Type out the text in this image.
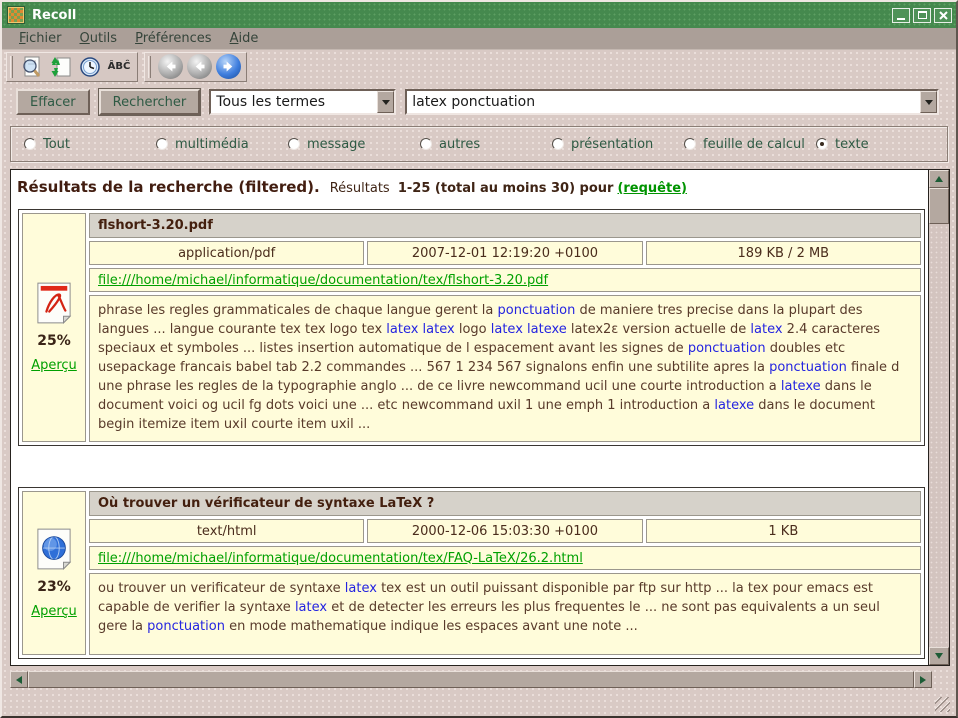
Recoll
Fichier	Outils	Préférences	Aide
ÂBĈ
Effacer	Rechercher	Tous les termes
latex ponctuation
Tout	multimédia	message	autres	présentation	feuille de calcul texte
Résultats de la recherche (filtered). Résultats 1-25 (total au moins 30) pour (requête)
25%
Aperçu
flshort-3.20.pdf
application/pdf	2007-12-01 12:19:20 +0100	189 KB / 2 MB
file:///home/michael/informatique/documentation/tex/flshort-3.20.pdf
phrase les regles grammaticales de chaque langue gerent la ponctuation de maniere tres precise dans la plupart des langues ... langue courante tex tex logo tex latex latex logo latex latexe latex2ε version actuelle de latex 2.4 caracteres speciaux et symboles ... listes insertion automatique de l espacement avant les signes de ponctuation doubles etc usepackage francais babel tab 2.2 commandes ... 567 1 234 567 signalons enfin une subtilite apres la ponctuation finale d une phrase les regles de la typographie anglo ... de ce livre newcommand ucil une courte introduction a latexe dans le document voici og ucil fg dots voici une ... etc newcommand uxil 1 une emph 1 introduction a latexe dans le document begin itemize item uxil courte item uxil ...
23%
Aperçu
Où trouver un vérificateur de syntaxe LaTeX ?
text/html	2000-12-06 15:03:30 +0100	1 KB
file:///home/michael/informatique/documentation/tex/FAQ-LaTeX/26.2.html
ou trouver un verificateur de syntaxe latex tex est un outil puissant disponible par ftp sur http ... la tex pour emacs est capable de verifier la syntaxe latex et de detecter les erreurs les plus frequentes le ... ne sont pas equivalents a un seul gere la ponctuation en mode mathematique indique les espaces avant une note ...
